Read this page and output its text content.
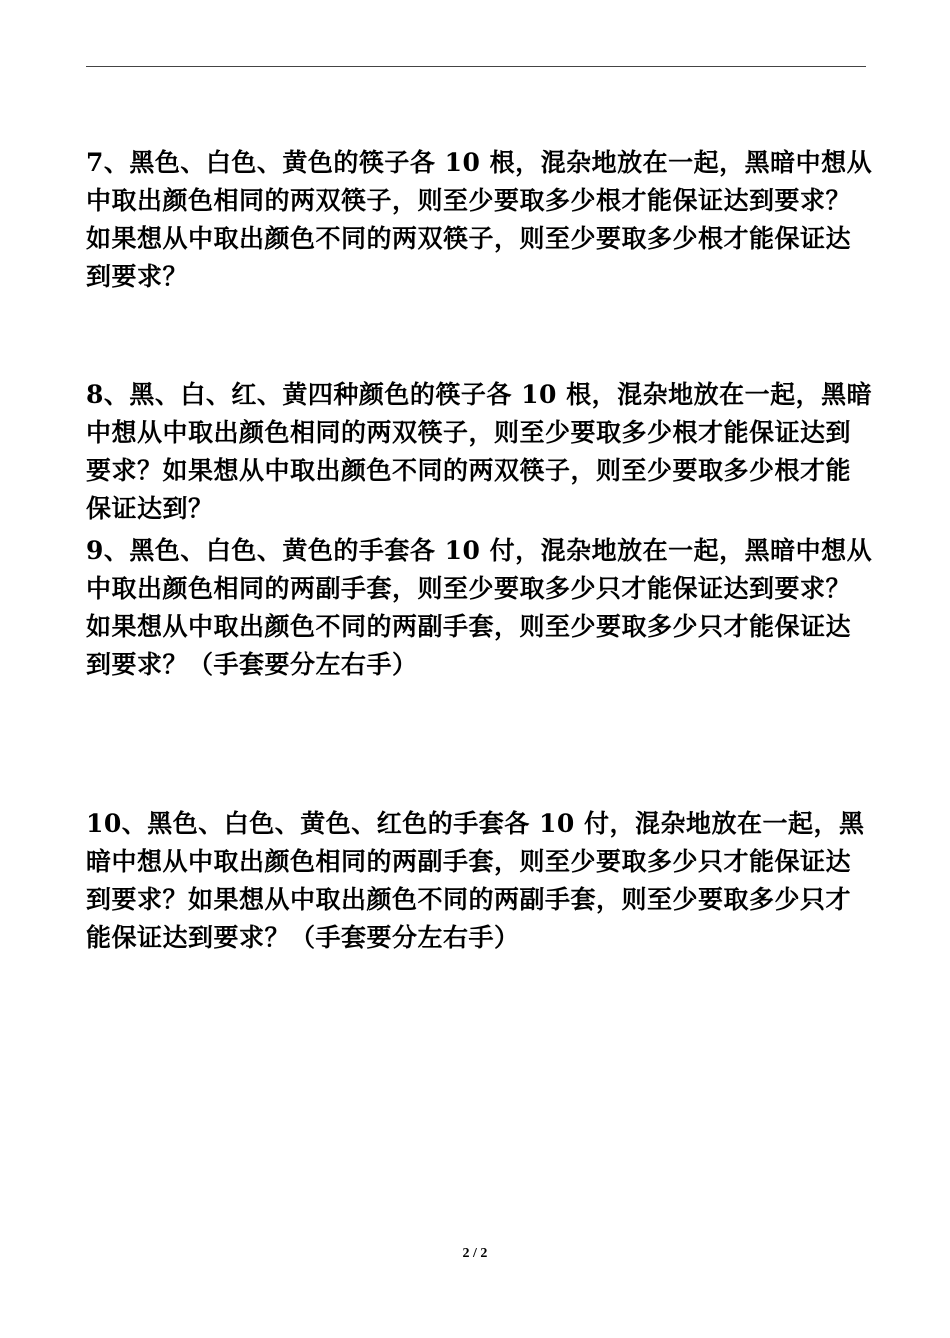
7、黑色、白色、黄色的筷子各 10 根，混杂地放在一起，黑暗中想从中取出颜色相同的两双筷子，则至少要取多少根才能保证达到要求？如果想从中取出颜色不同的两双筷子，则至少要取多少根才能保证达到要求？
8、黑、白、红、黄四种颜色的筷子各 10 根，混杂地放在一起，黑暗中想从中取出颜色相同的两双筷子，则至少要取多少根才能保证达到要求？如果想从中取出颜色不同的两双筷子，则至少要取多少根才能保证达到？
9、黑色、白色、黄色的手套各 10 付，混杂地放在一起，黑暗中想从中取出颜色相同的两副手套，则至少要取多少只才能保证达到要求？如果想从中取出颜色不同的两副手套，则至少要取多少只才能保证达到要求？（手套要分左右手）
10、黑色、白色、黄色、红色的手套各 10 付，混杂地放在一起，黑暗中想从中取出颜色相同的两副手套，则至少要取多少只才能保证达到要求？如果想从中取出颜色不同的两副手套，则至少要取多少只才能保证达到要求？（手套要分左右手）
2 / 2
